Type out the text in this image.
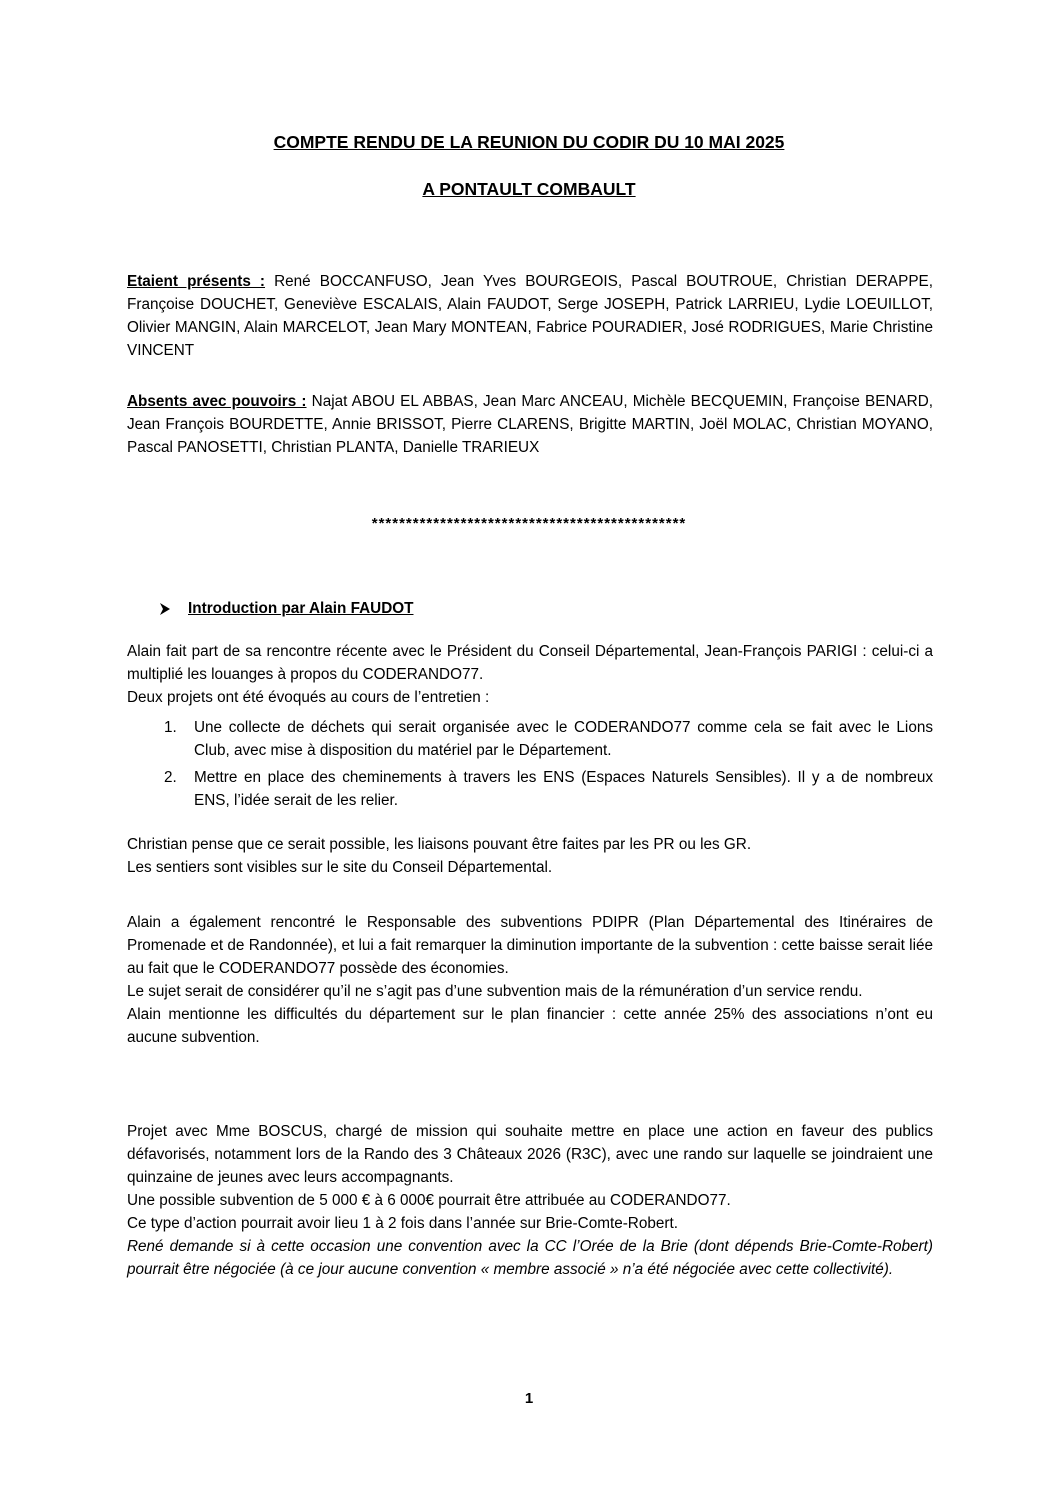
COMPTE RENDU DE LA REUNION DU CODIR DU 10 MAI 2025
A PONTAULT COMBAULT
Etaient présents : René BOCCANFUSO, Jean Yves BOURGEOIS, Pascal BOUTROUE, Christian DERAPPE, Françoise DOUCHET, Geneviève ESCALAIS, Alain FAUDOT, Serge JOSEPH, Patrick LARRIEU, Lydie LOEUILLOT, Olivier MANGIN, Alain MARCELOT, Jean Mary MONTEAN, Fabrice POURADIER, José RODRIGUES, Marie Christine VINCENT
Absents avec pouvoirs : Najat ABOU EL ABBAS, Jean Marc ANCEAU, Michèle BECQUEMIN, Françoise BENARD, Jean François BOURDETTE, Annie BRISSOT, Pierre CLARENS, Brigitte MARTIN, Joël MOLAC, Christian MOYANO, Pascal PANOSETTI, Christian PLANTA, Danielle TRARIEUX
**********************************************
Introduction par Alain FAUDOT
Alain fait part de sa rencontre récente avec le Président du Conseil Départemental, Jean-François PARIGI : celui-ci a multiplié les louanges à propos du CODERANDO77.
Deux projets ont été évoqués au cours de l’entretien :
1.	Une collecte de déchets qui serait organisée avec le CODERANDO77 comme cela se fait avec le Lions Club, avec mise à disposition du matériel par le Département.
2.	Mettre en place des cheminements à travers les ENS (Espaces Naturels Sensibles). Il y a de nombreux ENS, l’idée serait de les relier.
Christian pense que ce serait possible, les liaisons pouvant être faites par les PR ou les GR.
Les sentiers sont visibles sur le site du Conseil Départemental.
Alain a également rencontré le Responsable des subventions PDIPR (Plan Départemental des Itinéraires de Promenade et de Randonnée), et lui a fait remarquer la diminution importante de la subvention : cette baisse serait liée au fait que le CODERANDO77 possède des économies.
Le sujet serait de considérer qu’il ne s’agit pas d’une subvention mais de la rémunération d’un service rendu.
Alain mentionne les difficultés du département sur le plan financier : cette année 25% des associations n’ont eu aucune subvention.
Projet avec Mme BOSCUS, chargé de mission qui souhaite mettre en place une action en faveur des publics défavorisés, notamment lors de la Rando des 3 Châteaux 2026 (R3C), avec une rando sur laquelle se joindraient une quinzaine de jeunes avec leurs accompagnants.
Une possible subvention de 5 000 € à 6 000€ pourrait être attribuée au CODERANDO77.
Ce type d’action pourrait avoir lieu 1 à 2 fois dans l’année sur Brie-Comte-Robert.
René demande si à cette occasion une convention avec la CC l’Orée de la Brie (dont dépends Brie-Comte-Robert) pourrait être négociée (à ce jour aucune convention « membre associé » n’a été négociée avec cette collectivité).
1
